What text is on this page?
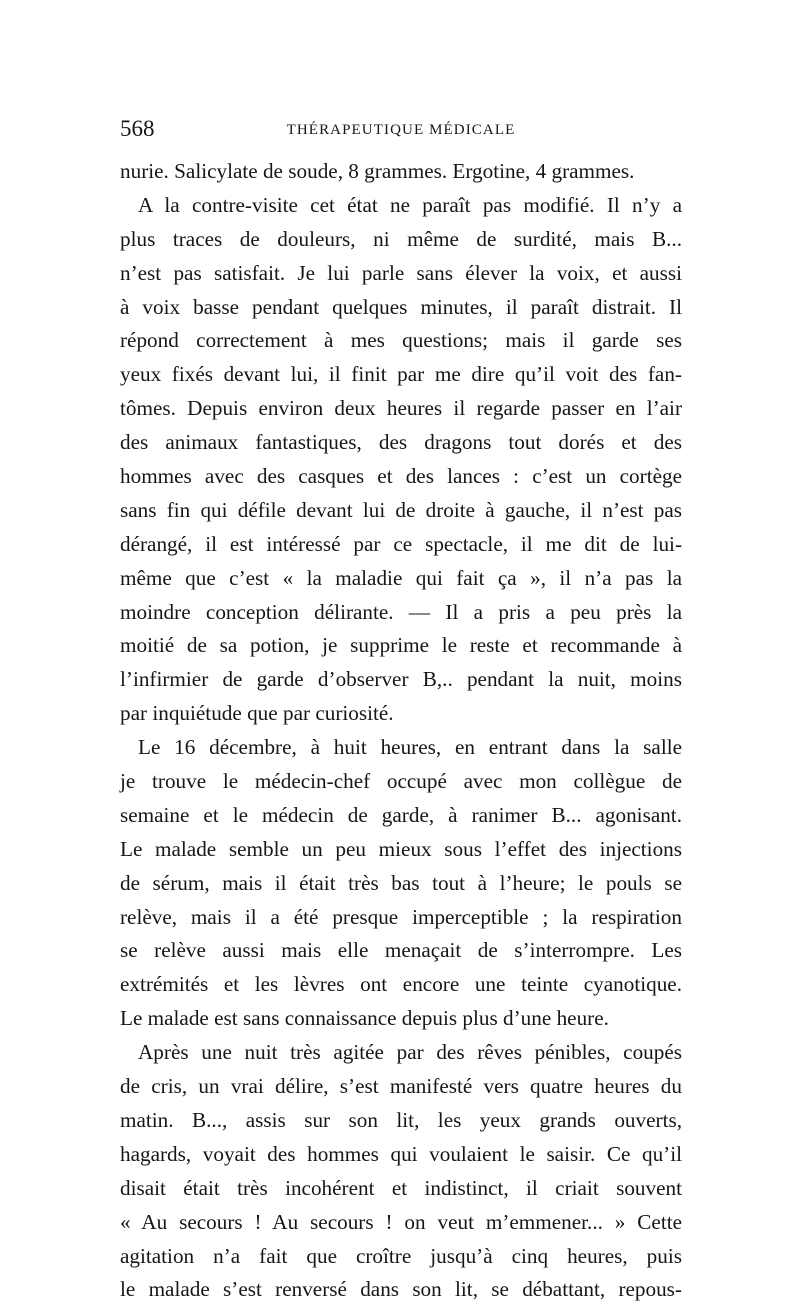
568	THÉRAPEUTIQUE MÉDICALE
nurie. Salicylate de soude, 8 grammes. Ergotine, 4 grammes.
A la contre-visite cet état ne paraît pas modifié. Il n’y a
plus traces de douleurs, ni même de surdité, mais B...
n’est pas satisfait. Je lui parle sans élever la voix, et aussi
à voix basse pendant quelques minutes, il paraît distrait. Il
répond correctement à mes questions; mais il garde ses
yeux fixés devant lui, il finit par me dire qu’il voit des fan-
tômes. Depuis environ deux heures il regarde passer en l’air
des animaux fantastiques, des dragons tout dorés et des
hommes avec des casques et des lances : c’est un cortège
sans fin qui défile devant lui de droite à gauche, il n’est pas
dérangé, il est intéressé par ce spectacle, il me dit de lui-
même que c’est « la maladie qui fait ça », il n’a pas la
moindre conception délirante. — Il a pris a peu près la
moitié de sa potion, je supprime le reste et recommande à
l’infirmier de garde d’observer B,.. pendant la nuit, moins
par inquiétude que par curiosité.
Le 16 décembre, à huit heures, en entrant dans la salle
je trouve le médecin-chef occupé avec mon collègue de
semaine et le médecin de garde, à ranimer B... agonisant.
Le malade semble un peu mieux sous l’effet des injections
de sérum, mais il était très bas tout à l’heure; le pouls se
relève, mais il a été presque imperceptible ; la respiration
se relève aussi mais elle menaçait de s’interrompre. Les
extrémités et les lèvres ont encore une teinte cyanotique.
Le malade est sans connaissance depuis plus d’une heure.
Après une nuit très agitée par des rêves pénibles, coupés
de cris, un vrai délire, s’est manifesté vers quatre heures du
matin. B..., assis sur son lit, les yeux grands ouverts,
hagards, voyait des hommes qui voulaient le saisir. Ce qu’il
disait était très incohérent et indistinct, il criait souvent
« Au secours ! Au secours ! on veut m’emmener... » Cette
agitation n’a fait que croître jusqu’à cinq heures, puis
le malade s’est renversé dans son lit, se débattant, repous-
